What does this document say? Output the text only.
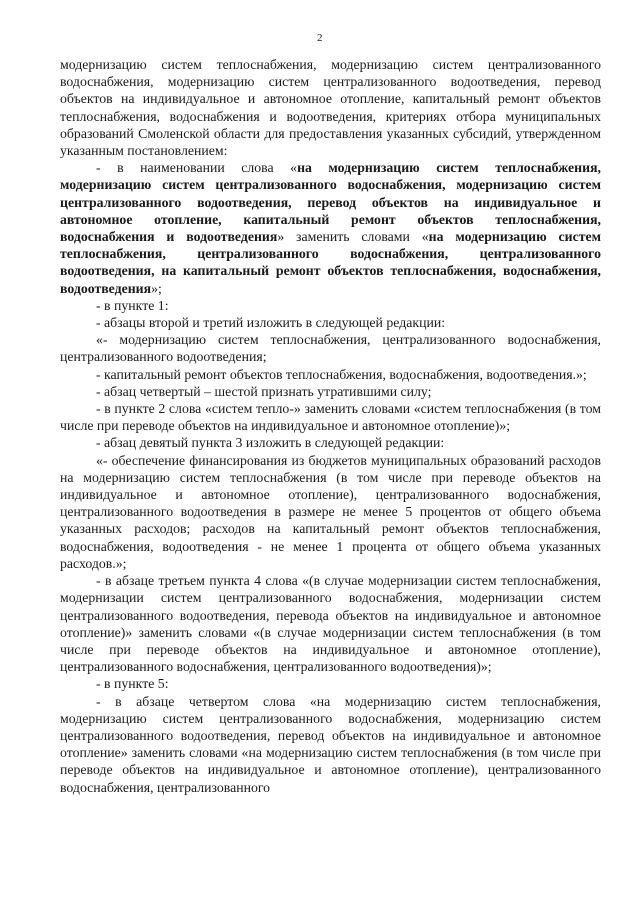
2

модернизацию систем теплоснабжения, модернизацию систем централизованного водоснабжения, модернизацию систем централизованного водоотведения, перевод объектов на индивидуальное и автономное отопление, капитальный ремонт объектов теплоснабжения, водоснабжения и водоотведения, критериях отбора муниципальных образований Смоленской области для предоставления указанных субсидий, утвержденном указанным постановлением:

- в наименовании слова «на модернизацию систем теплоснабжения, модернизацию систем централизованного водоснабжения, модернизацию систем централизованного водоотведения, перевод объектов на индивидуальное и автономное отопление, капитальный ремонт объектов теплоснабжения, водоснабжения и водоотведения» заменить словами «на модернизацию систем теплоснабжения, централизованного водоснабжения, централизованного водоотведения, на капитальный ремонт объектов теплоснабжения, водоснабжения, водоотведения»;

- в пункте 1:

- абзацы второй и третий изложить в следующей редакции:

«- модернизацию систем теплоснабжения, централизованного водоснабжения, централизованного водоотведения;

- капитальный ремонт объектов теплоснабжения, водоснабжения, водоотведения.»;

- абзац четвертый – шестой признать утратившими силу;

- в пункте 2 слова «систем тепло-» заменить словами «систем теплоснабжения (в том числе при переводе объектов на индивидуальное и автономное отопление)»;

- абзац девятый пункта 3 изложить в следующей редакции:

«- обеспечение финансирования из бюджетов муниципальных образований расходов на модернизацию систем теплоснабжения (в том числе при переводе объектов на индивидуальное и автономное отопление), централизованного водоснабжения, централизованного водоотведения в размере не менее 5 процентов от общего объема указанных расходов; расходов на капитальный ремонт объектов теплоснабжения, водоснабжения, водоотведения - не менее 1 процента от общего объема указанных расходов.»;

- в абзаце третьем пункта 4 слова «(в случае модернизации систем теплоснабжения, модернизации систем централизованного водоснабжения, модернизации систем централизованного водоотведения, перевода объектов на индивидуальное и автономное отопление)» заменить словами «(в случае модернизации систем теплоснабжения (в том числе при переводе объектов на индивидуальное и автономное отопление), централизованного водоснабжения, централизованного водоотведения)»;

- в пункте 5:

- в абзаце четвертом слова «на модернизацию систем теплоснабжения, модернизацию систем централизованного водоснабжения, модернизацию систем централизованного водоотведения, перевод объектов на индивидуальное и автономное отопление» заменить словами «на модернизацию систем теплоснабжения (в том числе при переводе объектов на индивидуальное и автономное отопление), централизованного водоснабжения, централизованного
